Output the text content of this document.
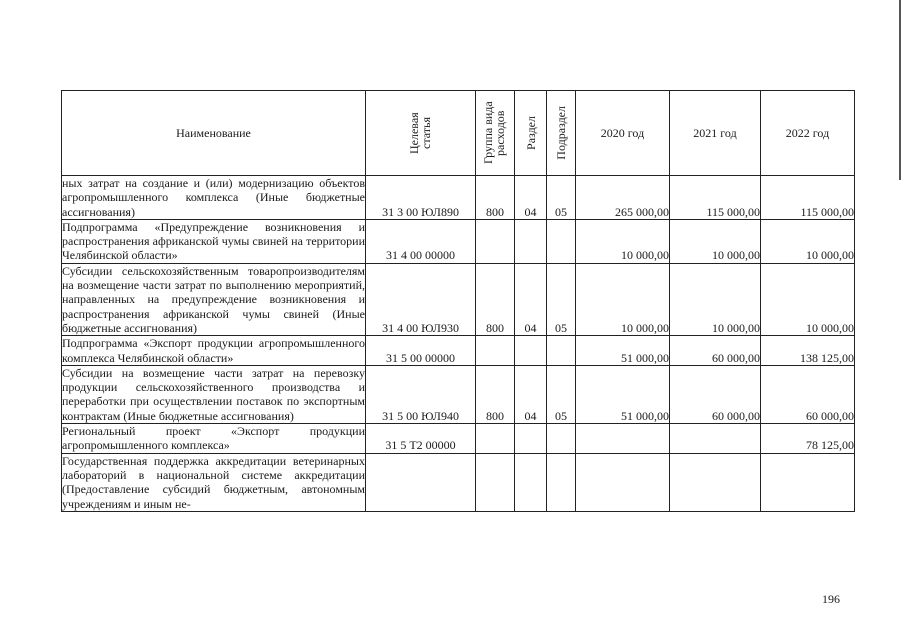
Наименование	Целевая статья	Группа вида расходов	Раздел	Подраздел	2020 год	2021 год	2022 год
ных затрат на создание и (или) модернизацию объектов агропромышленного комплекса (Иные бюджетные ассигнования)	31 3 00 ЮЛ890	800	04	05	265 000,00	115 000,00	115 000,00
Подпрограмма «Предупреждение возникновения и распространения африканской чумы свиней на территории Челябинской области»	31 4 00 00000				10 000,00	10 000,00	10 000,00
Субсидии сельскохозяйственным товаропроизводителям на возмещение части затрат по выполнению мероприятий, направленных на предупреждение возникновения и распространения африканской чумы свиней (Иные бюджетные ассигнования)	31 4 00 ЮЛ930	800	04	05	10 000,00	10 000,00	10 000,00
Подпрограмма «Экспорт продукции агропромышленного комплекса Челябинской области»	31 5 00 00000				51 000,00	60 000,00	138 125,00
Субсидии на возмещение части затрат на перевозку продукции сельскохозяйственного производства и переработки при осуществлении поставок по экспортным контрактам (Иные бюджетные ассигнования)	31 5 00 ЮЛ940	800	04	05	51 000,00	60 000,00	60 000,00
Региональный проект «Экспорт продукции агропромышленного комплекса»	31 5 Т2 00000						78 125,00
Государственная поддержка аккредитации ветеринарных лабораторий в национальной системе аккредитации (Предоставление субсидий бюджетным, автономным учреждениям и иным не-							
196
